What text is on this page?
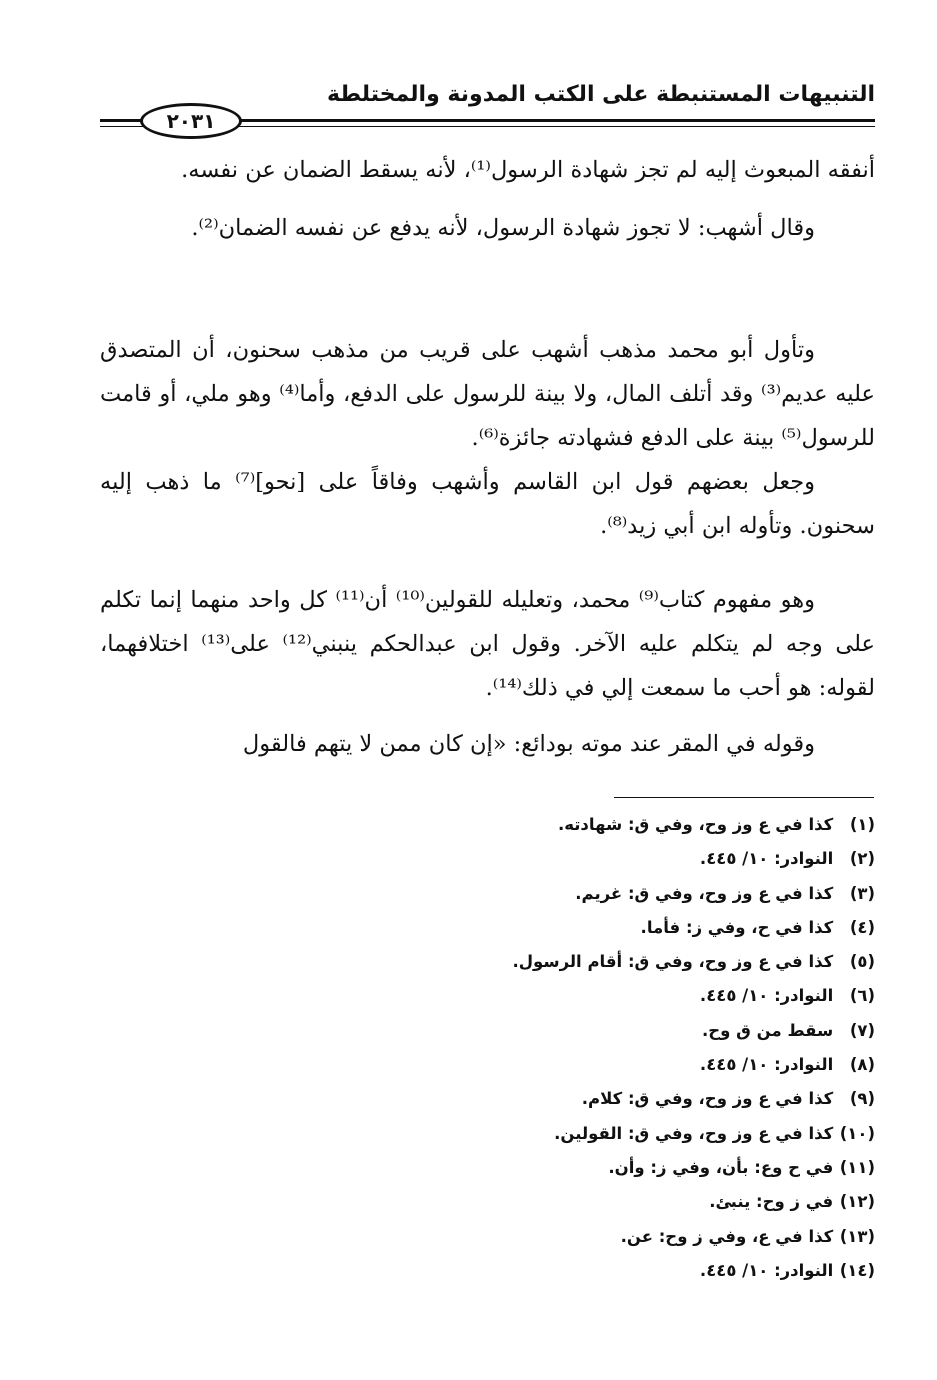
التنبيهات المستنبطة على الكتب المدونة والمختلطة
٢٠٣١

أنفقه المبعوث إليه لم تجز شهادة الرسول⁽¹⁾، لأنه يسقط الضمان عن نفسه.

وقال أشهب: لا تجوز شهادة الرسول، لأنه يدفع عن نفسه الضمان⁽²⁾.

وتأول أبو محمد مذهب أشهب على قريب من مذهب سحنون، أن المتصدق عليه عديم⁽³⁾ وقد أتلف المال، ولا بينة للرسول على الدفع، وأما⁽⁴⁾ وهو ملي، أو قامت للرسول⁽⁵⁾ بينة على الدفع فشهادته جائزة⁽⁶⁾.

وجعل بعضهم قول ابن القاسم وأشهب وفاقاً على [نحو]⁽⁷⁾ ما ذهب إليه سحنون. وتأوله ابن أبي زيد⁽⁸⁾.

وهو مفهوم كتاب⁽⁹⁾ محمد، وتعليله للقولين⁽¹⁰⁾ أن⁽¹¹⁾ كل واحد منهما إنما تكلم على وجه لم يتكلم عليه الآخر. وقول ابن عبدالحكم ينبني⁽¹²⁾ على⁽¹³⁾ اختلافهما، لقوله: هو أحب ما سمعت إلي في ذلك⁽¹⁴⁾.

وقوله في المقر عند موته بودائع: «إن كان ممن لا يتهم فالقول

(١) كذا في ع وز وح، وفي ق: شهادته.
(٢) النوادر: ١٠/ ٤٤٥.
(٣) كذا في ع وز وح، وفي ق: غريم.
(٤) كذا في ح، وفي ز: فأما.
(٥) كذا في ع وز وح، وفي ق: أقام الرسول.
(٦) النوادر: ١٠/ ٤٤٥.
(٧) سقط من ق وح.
(٨) النوادر: ١٠/ ٤٤٥.
(٩) كذا في ع وز وح، وفي ق: كلام.
(١٠) كذا في ع وز وح، وفي ق: القولين.
(١١) في ح وع: بأن، وفي ز: وأن.
(١٢) في ز وح: ينبئ.
(١٣) كذا في ع، وفي ز وح: عن.
(١٤) النوادر: ١٠/ ٤٤٥.
